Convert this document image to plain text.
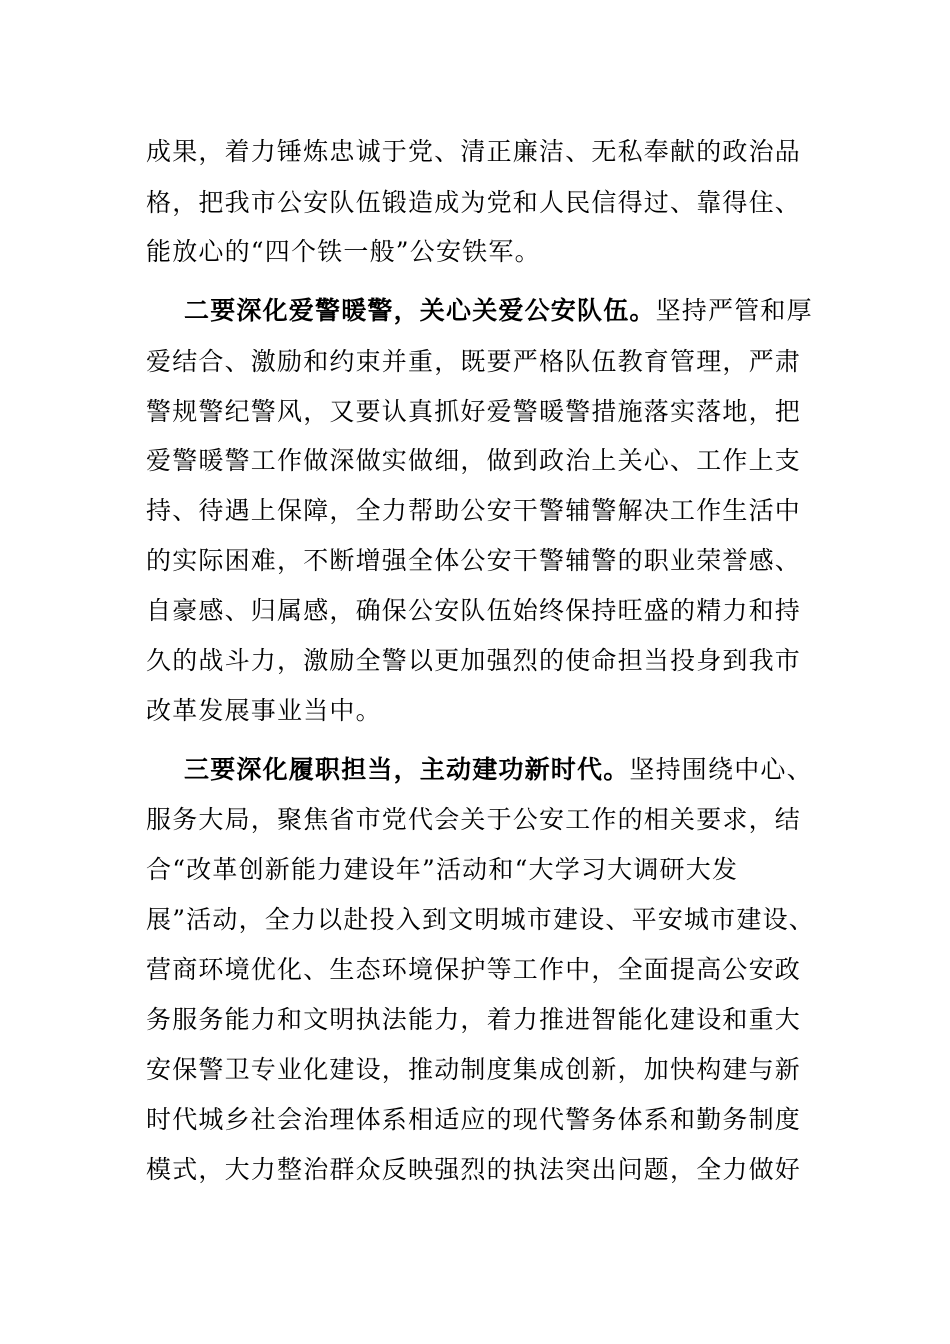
成果，着力锤炼忠诚于党、清正廉洁、无私奉献的政治品
格，把我市公安队伍锻造成为党和人民信得过、靠得住、
能放心的“四个铁一般”公安铁军。
二要深化爱警暖警，关心关爱公安队伍。坚持严管和厚
爱结合、激励和约束并重，既要严格队伍教育管理，严肃
警规警纪警风，又要认真抓好爱警暖警措施落实落地，把
爱警暖警工作做深做实做细，做到政治上关心、工作上支
持、待遇上保障，全力帮助公安干警辅警解决工作生活中
的实际困难，不断增强全体公安干警辅警的职业荣誉感、
自豪感、归属感，确保公安队伍始终保持旺盛的精力和持
久的战斗力，激励全警以更加强烈的使命担当投身到我市
改革发展事业当中。
三要深化履职担当，主动建功新时代。坚持围绕中心、
服务大局，聚焦省市党代会关于公安工作的相关要求，结
合“改革创新能力建设年”活动和“大学习大调研大发
展”活动，全力以赴投入到文明城市建设、平安城市建设、
营商环境优化、生态环境保护等工作中，全面提高公安政
务服务能力和文明执法能力，着力推进智能化建设和重大
安保警卫专业化建设，推动制度集成创新，加快构建与新
时代城乡社会治理体系相适应的现代警务体系和勤务制度
模式，大力整治群众反映强烈的执法突出问题，全力做好
